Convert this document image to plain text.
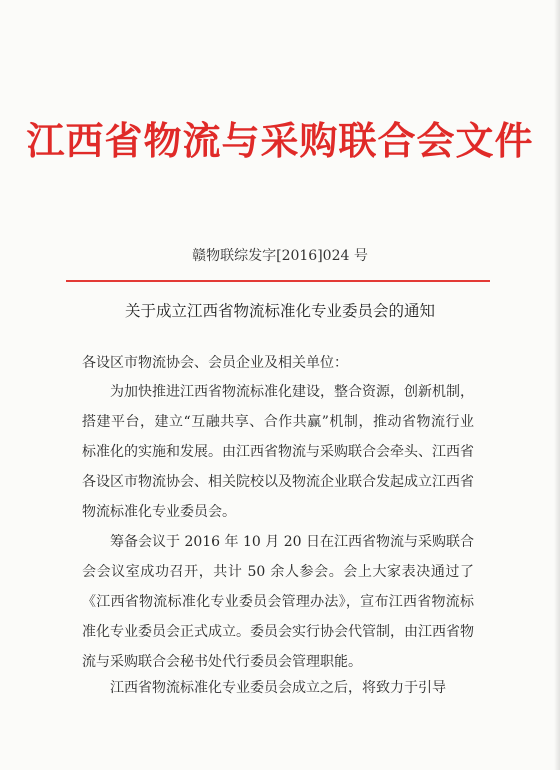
江西省物流与采购联合会文件
赣物联综发字[2016]024 号
关于成立江西省物流标准化专业委员会的通知
各设区市物流协会、会员企业及相关单位：

为加快推进江西省物流标准化建设，整合资源，创新机制，搭建平台，建立“互融共享、合作共赢”机制，推动省物流行业标准化的实施和发展。由江西省物流与采购联合会牵头、江西省各设区市物流协会、相关院校以及物流企业联合发起成立江西省物流标准化专业委员会。

筹备会议于 2016 年 10 月 20 日在江西省物流与采购联合会会议室成功召开，共计 50 余人参会。会上大家表决通过了《江西省物流标准化专业委员会管理办法》，宣布江西省物流标准化专业委员会正式成立。委员会实行协会代管制，由江西省物流与采购联合会秘书处代行委员会管理职能。

江西省物流标准化专业委员会成立之后，将致力于引导
